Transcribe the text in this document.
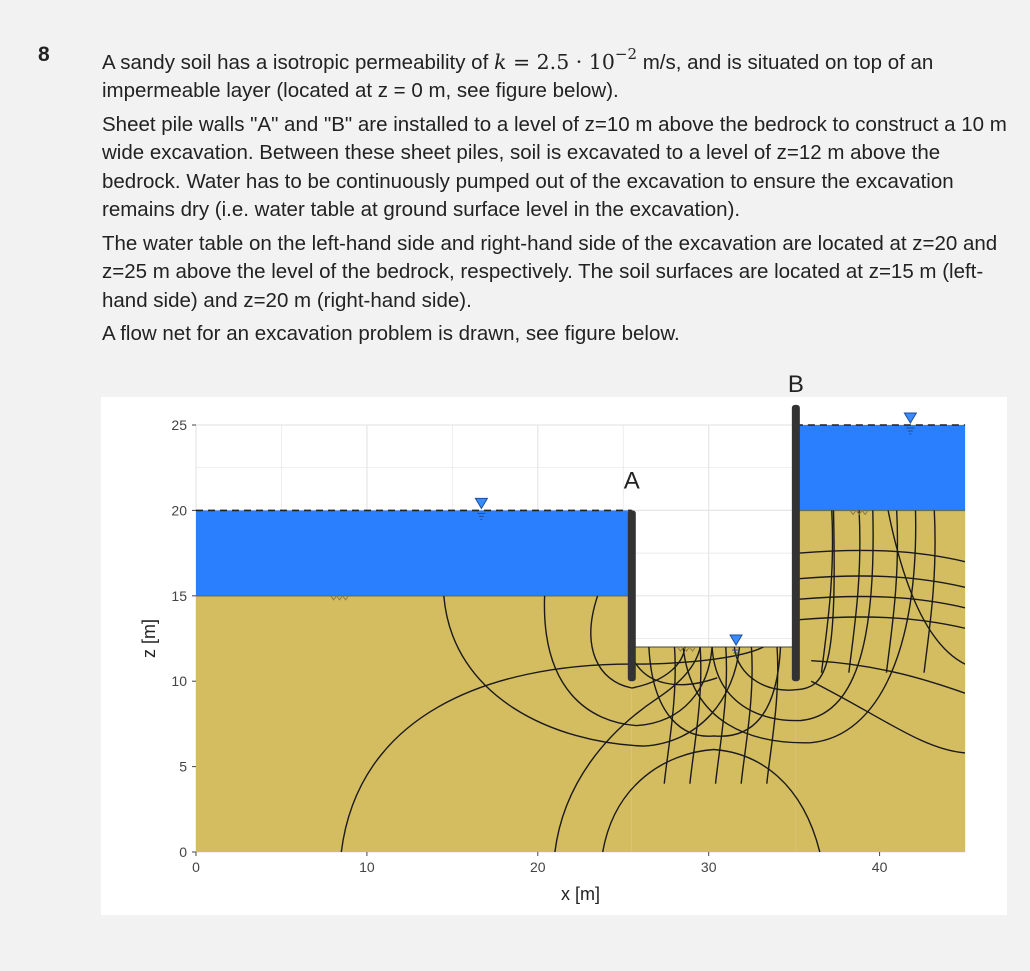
8	A sandy soil has a isotropic permeability of $k = 2.5 \cdot 10^{-2}$ m/s, and is situated on top of an impermeable layer (located at z = 0 m, see figure below).

Sheet pile walls "A" and "B" are installed to a level of z=10 m above the bedrock to construct a 10 m wide excavation. Between these sheet piles, soil is excavated to a level of z=12 m above the bedrock. Water has to be continuously pumped out of the excavation to ensure the excavation remains dry (i.e. water table at ground surface level in the excavation).

The water table on the left-hand side and right-hand side of the excavation are located at z=20 and z=25 m above the level of the bedrock, respectively. The soil surfaces are located at z=15 m (left-hand side) and z=20 m (right-hand side).

A flow net for an excavation problem is drawn, see figure below.

A
B
0	10	20	30	40
0
5
10
15
20
25
x [m]
z [m]
